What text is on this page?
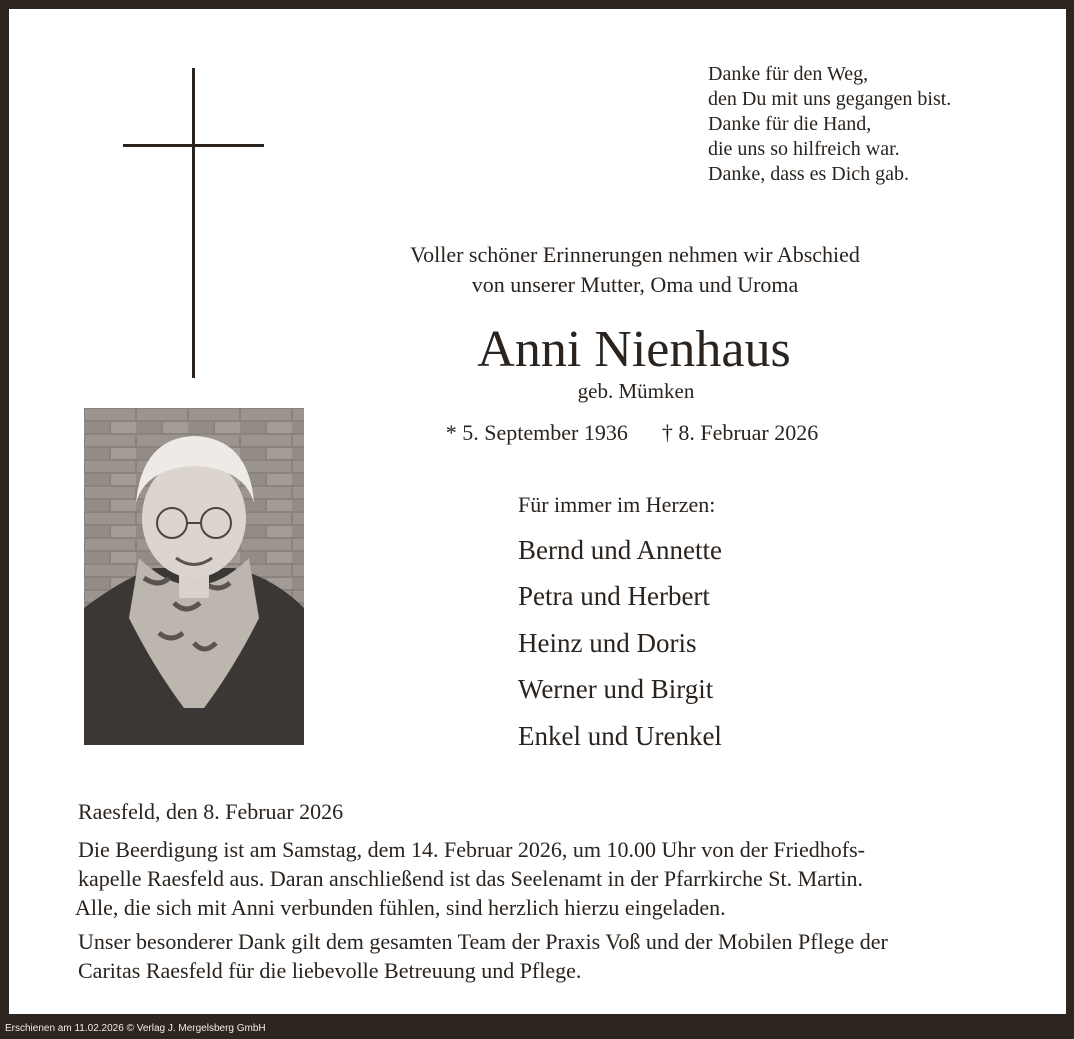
Danke für den Weg,
den Du mit uns gegangen bist.
Danke für die Hand,
die uns so hilfreich war.
Danke, dass es Dich gab.
Voller schöner Erinnerungen nehmen wir Abschied
von unserer Mutter, Oma und Uroma
Anni Nienhaus
geb. Mümken
* 5. September 1936 † 8. Februar 2026
Für immer im Herzen:
Bernd und Annette
Petra und Herbert
Heinz und Doris
Werner und Birgit
Enkel und Urenkel
Raesfeld, den 8. Februar 2026
Die Beerdigung ist am Samstag, dem 14. Februar 2026, um 10.00 Uhr von der Friedhofs-
kapelle Raesfeld aus. Daran anschließend ist das Seelenamt in der Pfarrkirche St. Martin.
Alle, die sich mit Anni verbunden fühlen, sind herzlich hierzu eingeladen.
Unser besonderer Dank gilt dem gesamten Team der Praxis Voß und der Mobilen Pflege der
Caritas Raesfeld für die liebevolle Betreuung und Pflege.
Erschienen am 11.02.2026 © Verlag J. Mergelsberg GmbH
